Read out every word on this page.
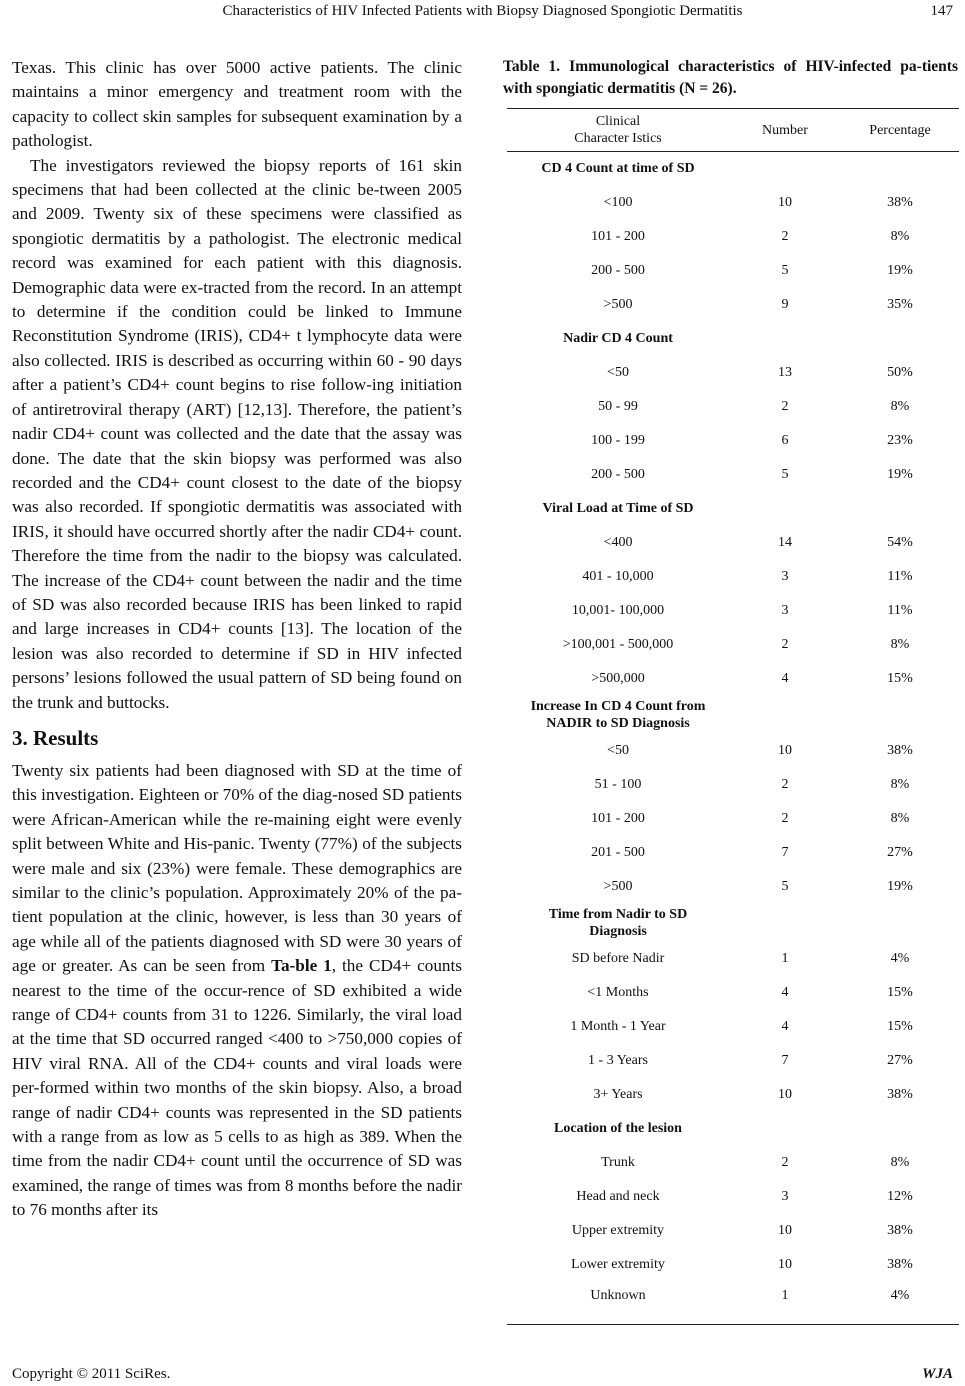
Characteristics of HIV Infected Patients with Biopsy Diagnosed Spongiotic Dermatitis	147

Texas. This clinic has over 5000 active patients. The clinic maintains a minor emergency and treatment room with the capacity to collect skin samples for subsequent examination by a pathologist.

The investigators reviewed the biopsy reports of 161 skin specimens that had been collected at the clinic be-tween 2005 and 2009. Twenty six of these specimens were classified as spongiotic dermatitis by a pathologist. The electronic medical record was examined for each patient with this diagnosis. Demographic data were ex-tracted from the record. In an attempt to determine if the condition could be linked to Immune Reconstitution Syndrome (IRIS), CD4+ t lymphocyte data were also collected. IRIS is described as occurring within 60 - 90 days after a patient’s CD4+ count begins to rise follow-ing initiation of antiretroviral therapy (ART) [12,13]. Therefore, the patient’s nadir CD4+ count was collected and the date that the assay was done. The date that the skin biopsy was performed was also recorded and the CD4+ count closest to the date of the biopsy was also recorded. If spongiotic dermatitis was associated with IRIS, it should have occurred shortly after the nadir CD4+ count. Therefore the time from the nadir to the biopsy was calculated. The increase of the CD4+ count between the nadir and the time of SD was also recorded because IRIS has been linked to rapid and large increases in CD4+ counts [13]. The location of the lesion was also recorded to determine if SD in HIV infected persons’ lesions followed the usual pattern of SD being found on the trunk and buttocks.

3. Results

Twenty six patients had been diagnosed with SD at the time of this investigation. Eighteen or 70% of the diag-nosed SD patients were African-American while the re-maining eight were evenly split between White and His-panic. Twenty (77%) of the subjects were male and six (23%) were female. These demographics are similar to the clinic’s population. Approximately 20% of the pa-tient population at the clinic, however, is less than 30 years of age while all of the patients diagnosed with SD were 30 years of age or greater. As can be seen from Ta-ble 1, the CD4+ counts nearest to the time of the occur-rence of SD exhibited a wide range of CD4+ counts from 31 to 1226. Similarly, the viral load at the time that SD occurred ranged <400 to >750,000 copies of HIV viral RNA. All of the CD4+ counts and viral loads were per-formed within two months of the skin biopsy. Also, a broad range of nadir CD4+ counts was represented in the SD patients with a range from as low as 5 cells to as high as 389. When the time from the nadir CD4+ count until the occurrence of SD was examined, the range of times was from 8 months before the nadir to 76 months after its

Table 1. Immunological characteristics of HIV-infected pa-tients with spongiatic dermatitis (N = 26).
Clinical
Character Istics	Number	Percentage
CD 4 Count at time of SD		
<100	10	38%
101 - 200	2	8%
200 - 500	5	19%
>500	9	35%
Nadir CD 4 Count		
<50	13	50%
50 - 99	2	8%
100 - 199	6	23%
200 - 500	5	19%
Viral Load at Time of SD		
<400	14	54%
401 - 10,000	3	11%
10,001- 100,000	3	11%
>100,001 - 500,000	2	8%
>500,000	4	15%
Increase In CD 4 Count from
NADIR to SD Diagnosis		
<50	10	38%
51 - 100	2	8%
101 - 200	2	8%
201 - 500	7	27%
>500	5	19%
Time from Nadir to SD
Diagnosis		
SD before Nadir	1	4%
<1 Months	4	15%
1 Month - 1 Year	4	15%
1 - 3 Years	7	27%
3+ Years	10	38%
Location of the lesion		
Trunk	2	8%
Head and neck	3	12%
Upper extremity	10	38%
Lower extremity	10	38%
Unknown	1	4%
Copyright © 2011 SciRes.	WJA
